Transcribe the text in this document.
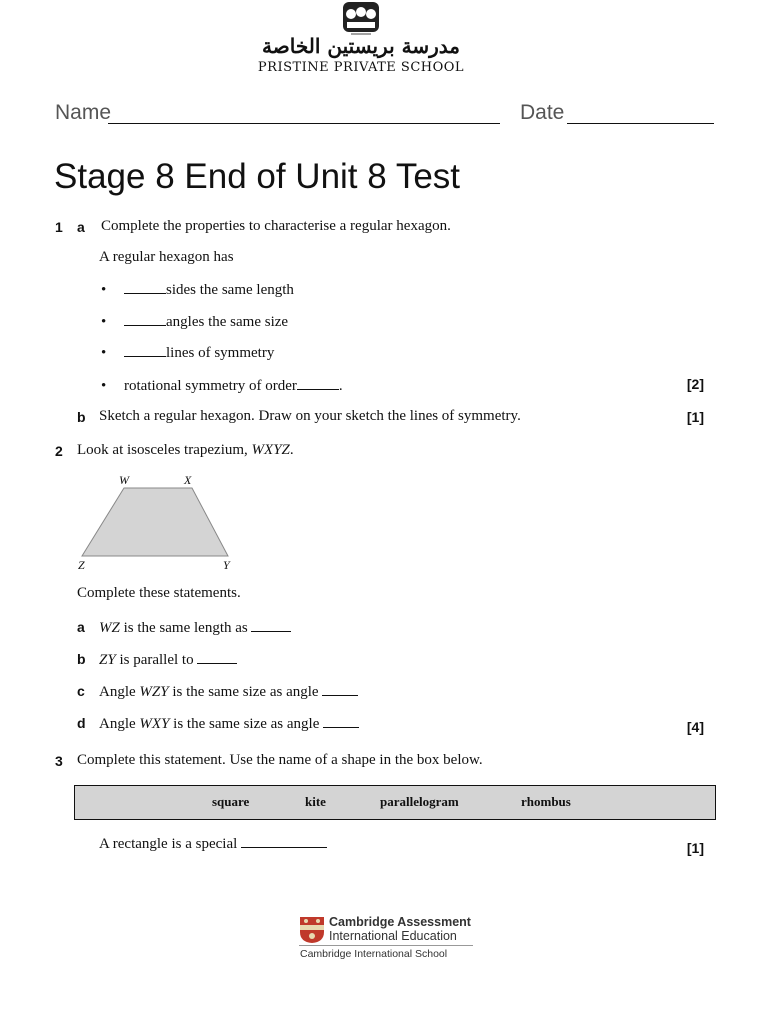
PPS
مدرسة بريستين الخاصة
PRISTINE PRIVATE SCHOOL
Name	Date
Stage 8 End of Unit 8 Test
1 a Complete the properties to characterise a regular hexagon.
A regular hexagon has
•	sides the same length
•	angles the same size
•	lines of symmetry
• rotational symmetry of order	.	[2]
b Sketch a regular hexagon. Draw on your sketch the lines of symmetry.	[1]
2 Look at isosceles trapezium, WXYZ.
W	X
Z	Y
Complete these statements.
a WZ is the same length as
b ZY is parallel to
c Angle WZY is the same size as angle
d Angle WXY is the same size as angle	[4]
3 Complete this statement. Use the name of a shape in the box below.
square	kite	parallelogram	rhombus
A rectangle is a special	[1]
Cambridge Assessment
International Education
Cambridge International School
